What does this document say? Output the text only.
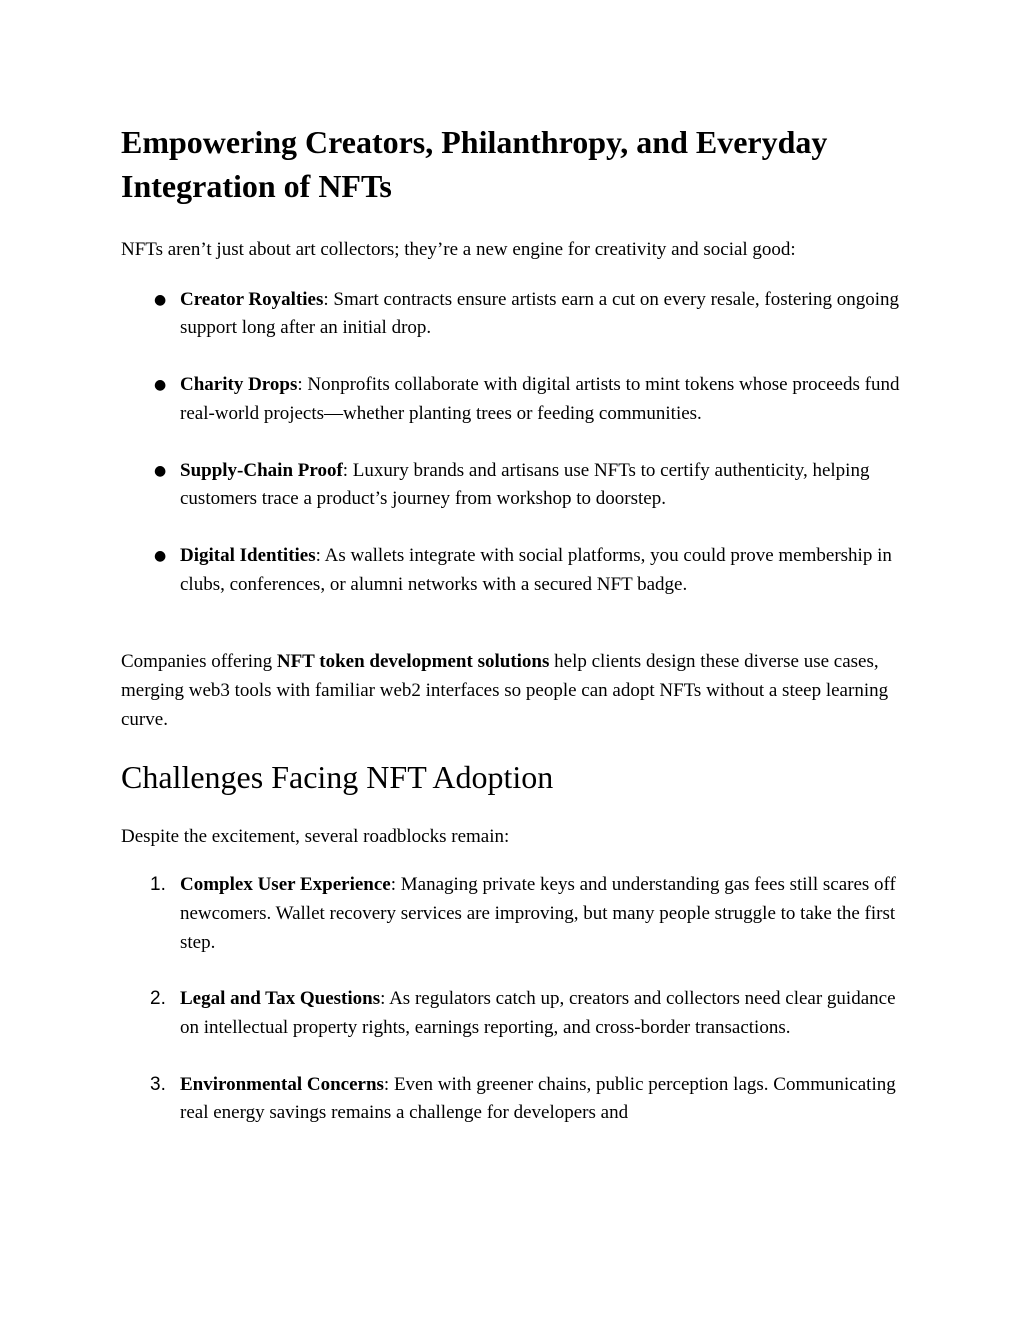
Empowering Creators, Philanthropy, and Everyday Integration of NFTs

NFTs aren’t just about art collectors; they’re a new engine for creativity and social good:

● Creator Royalties: Smart contracts ensure artists earn a cut on every resale, fostering ongoing support long after an initial drop.
● Charity Drops: Nonprofits collaborate with digital artists to mint tokens whose proceeds fund real‑world projects—whether planting trees or feeding communities.
● Supply‑Chain Proof: Luxury brands and artisans use NFTs to certify authenticity, helping customers trace a product’s journey from workshop to doorstep.
● Digital Identities: As wallets integrate with social platforms, you could prove membership in clubs, conferences, or alumni networks with a secured NFT badge.

Companies offering NFT token development solutions help clients design these diverse use cases, merging web3 tools with familiar web2 interfaces so people can adopt NFTs without a steep learning curve.

Challenges Facing NFT Adoption

Despite the excitement, several roadblocks remain:

1. Complex User Experience: Managing private keys and understanding gas fees still scares off newcomers. Wallet recovery services are improving, but many people struggle to take the first step.
2. Legal and Tax Questions: As regulators catch up, creators and collectors need clear guidance on intellectual property rights, earnings reporting, and cross‑border transactions.
3. Environmental Concerns: Even with greener chains, public perception lags. Communicating real energy savings remains a challenge for developers and
